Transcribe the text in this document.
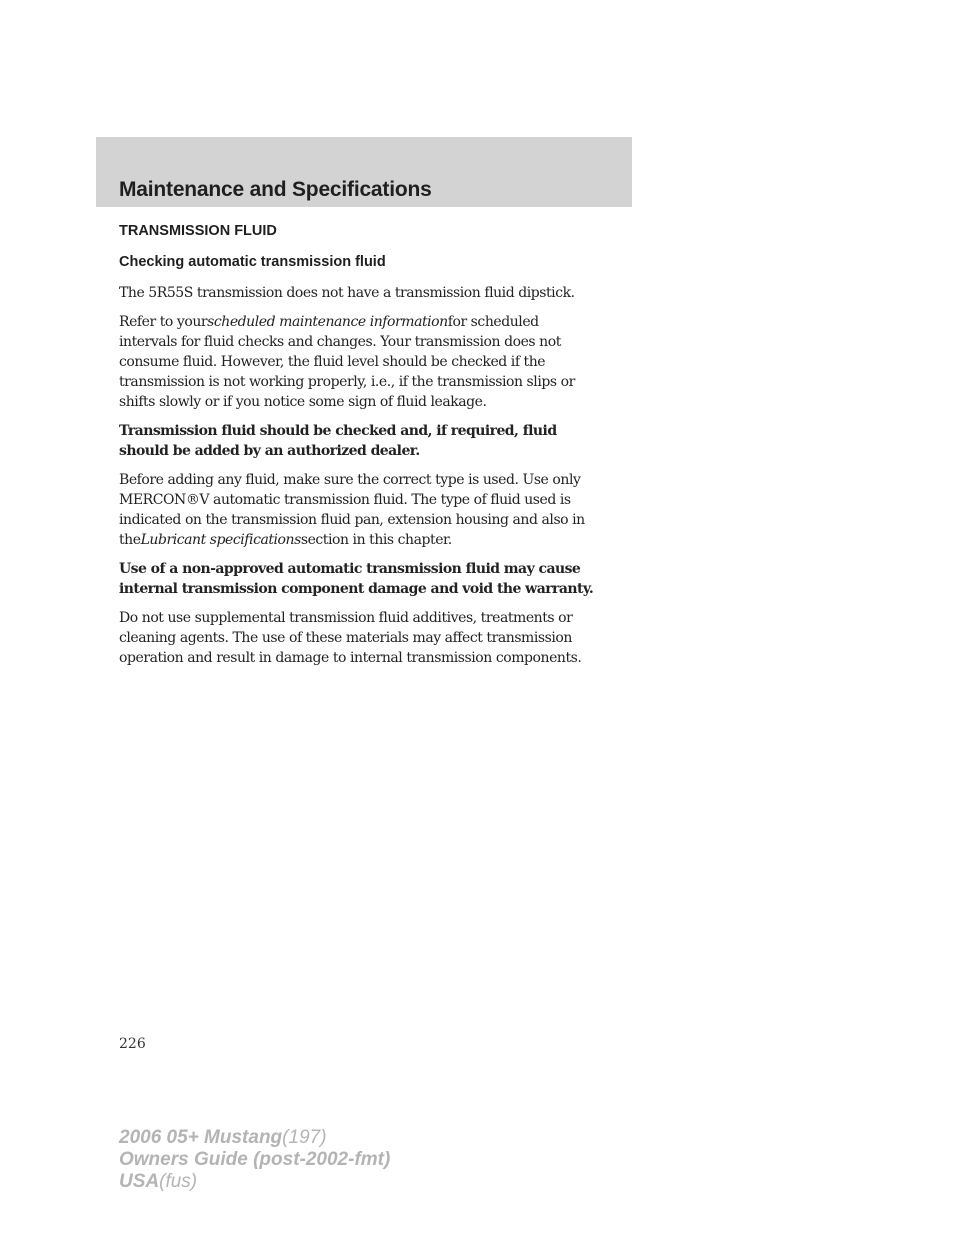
Maintenance and Specifications
TRANSMISSION FLUID
Checking automatic transmission fluid
The 5R55S transmission does not have a transmission fluid dipstick.
Refer to yourscheduled maintenance informationfor scheduled
intervals for fluid checks and changes. Your transmission does not
consume fluid. However, the fluid level should be checked if the
transmission is not working properly, i.e., if the transmission slips or
shifts slowly or if you notice some sign of fluid leakage.
Transmission fluid should be checked and, if required, fluid
should be added by an authorized dealer.
Before adding any fluid, make sure the correct type is used. Use only
MERCON®V automatic transmission fluid. The type of fluid used is
indicated on the transmission fluid pan, extension housing and also in
theLubricant specificationssection in this chapter.
Use of a non-approved automatic transmission fluid may cause
internal transmission component damage and void the warranty.
Do not use supplemental transmission fluid additives, treatments or
cleaning agents. The use of these materials may affect transmission
operation and result in damage to internal transmission components.
226
2006 05+ Mustang(197)
Owners Guide (post-2002-fmt)
USA(fus)
